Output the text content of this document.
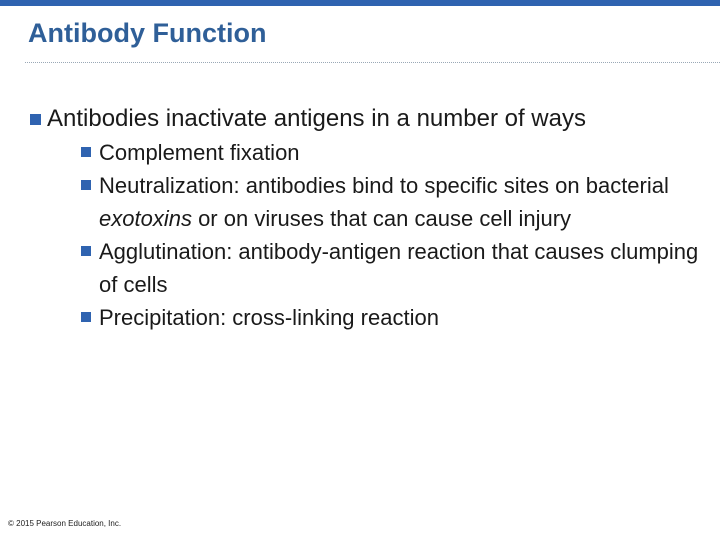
Antibody Function
Antibodies inactivate antigens in a number of ways
Complement fixation
Neutralization: antibodies bind to specific sites on bacterial exotoxins or on viruses that can cause cell injury
Agglutination: antibody-antigen reaction that causes clumping of cells
Precipitation: cross-linking reaction
© 2015 Pearson Education, Inc.
